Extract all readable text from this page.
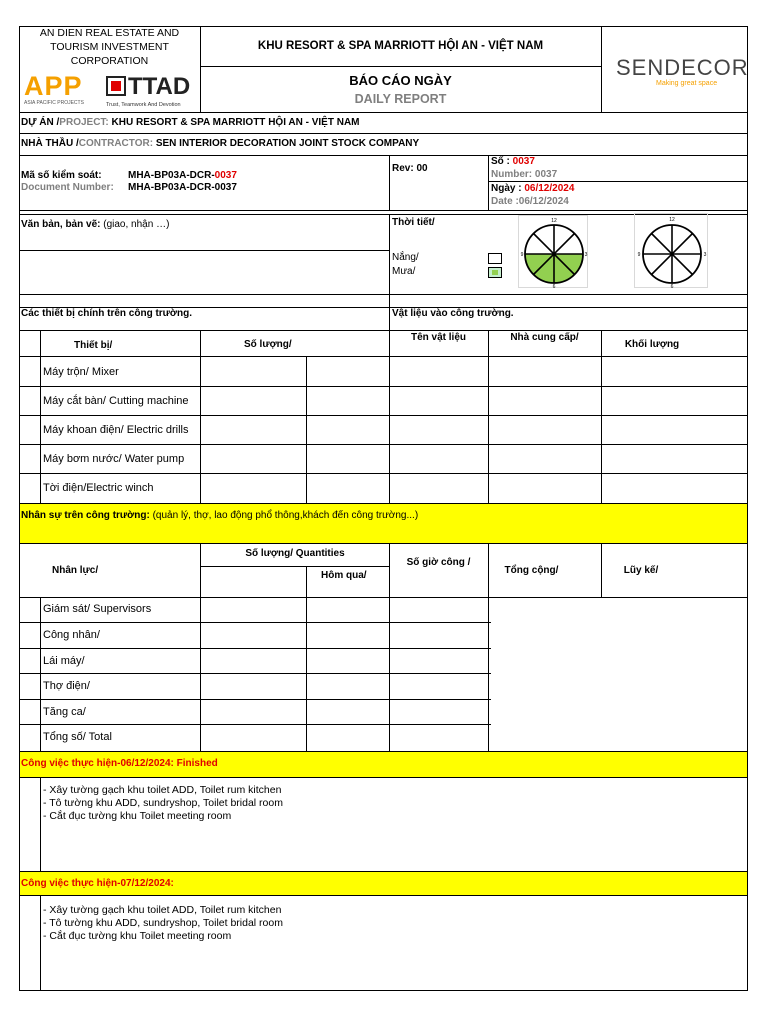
AN DIEN REAL ESTATE AND
TOURISM INVESTMENT
CORPORATION
APP
ASIA PACIFIC PROJECTS
TTAD
Trust, Teamwork And Devotion
KHU RESORT & SPA MARRIOTT HỘI AN - VIỆT NAM
BÁO CÁO NGÀY
DAILY REPORT
SENDECOR
Making great space
DỰ ÁN /PROJECT: KHU RESORT & SPA MARRIOTT HỘI AN - VIỆT NAM
NHÀ THẦU /CONTRACTOR: SEN INTERIOR DECORATION JOINT STOCK COMPANY
Mã số kiểm soát:	MHA-BP03A-DCR-0037
Document Number: MHA-BP03A-DCR-0037
Rev: 00
Số : 0037
Number: 0037
Ngày : 06/12/2024
Date :06/12/2024
Văn bản, bản vẽ: (giao, nhận …)	Thời tiết/
Nắng/
Mưa/
12
3
6
9
12
3
6
9
Các thiết bị chính trên công trường.	Vật liệu vào công trường.
Thiết bị/	Số lượng/
Tên vật liệu	Nhà cung cấp/
Khối lượng
Máy trộn/ Mixer
Máy cắt bàn/ Cutting machine
Máy khoan điện/ Electric drills
Máy bơm nước/ Water pump
Tời điện/Electric winch
Nhân sự trên công trường: (quản lý, thợ, lao động phổ thông,khách đến công trường...)
Nhân lực/
Số lượng/ Quantities
Hôm qua/
Số giờ công /
Tổng cộng/	Lũy kế/
Giám sát/ Supervisors
Công nhân/
Lái máy/
Thợ điện/
Tăng ca/
Tổng số/ Total
Công việc thực hiện-06/12/2024: Finished
- Xây tường gạch khu toilet ADD, Toilet rum kitchen
- Tô tường khu ADD, sundryshop, Toilet bridal room
- Cắt đục tường khu Toilet meeting room
Công việc thực hiện-07/12/2024:
- Xây tường gạch khu toilet ADD, Toilet rum kitchen
- Tô tường khu ADD, sundryshop, Toilet bridal room
- Cắt đục tường khu Toilet meeting room
